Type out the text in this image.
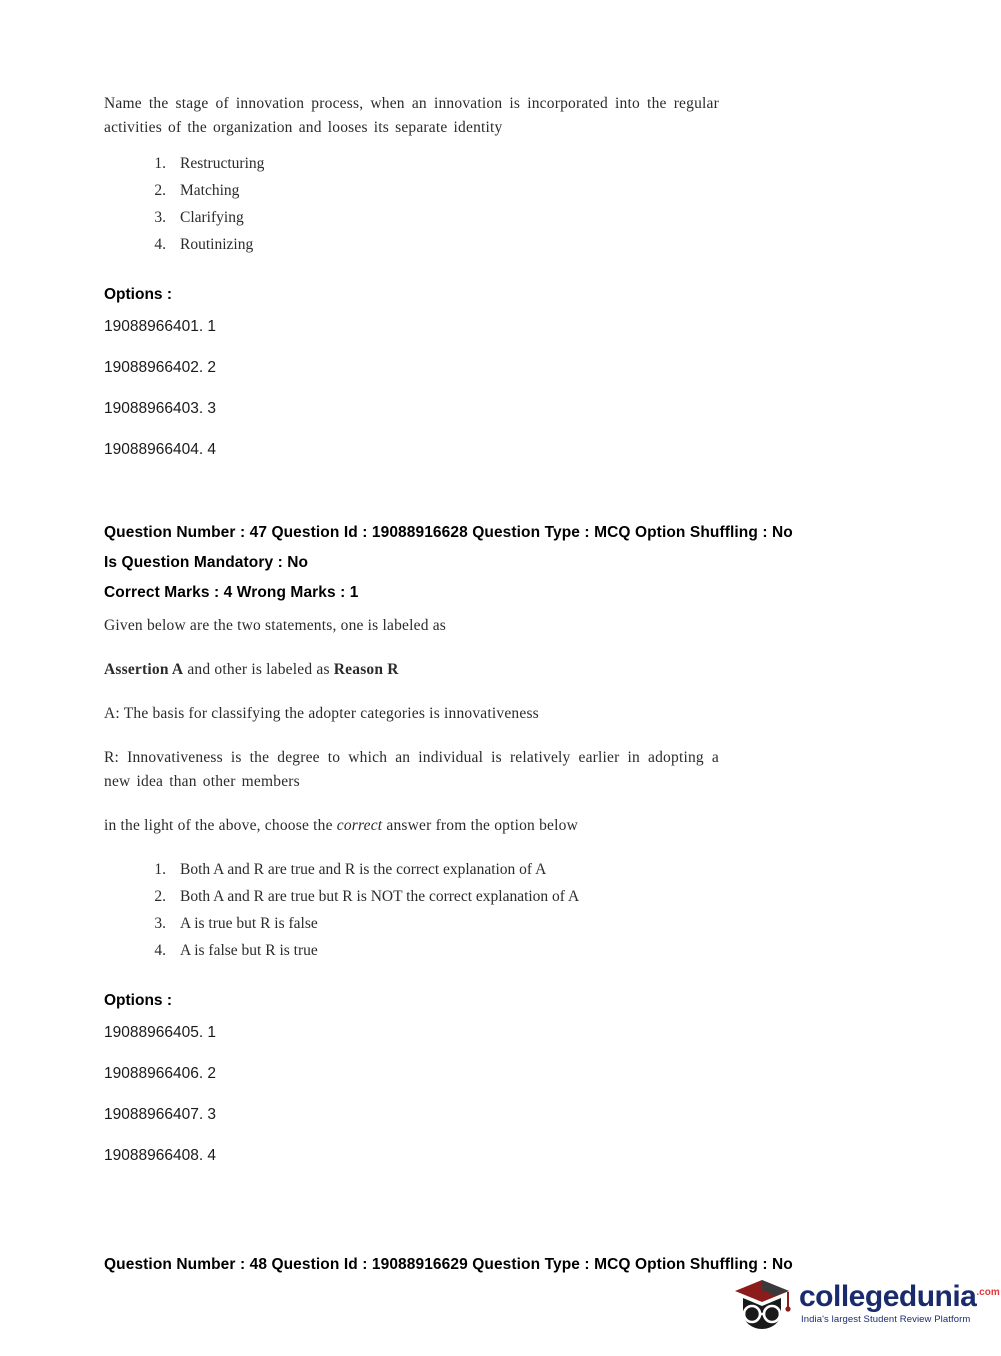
Name the stage of innovation process, when an innovation is incorporated into the regular activities of the organization and looses its separate identity
1. Restructuring
2. Matching
3. Clarifying
4. Routinizing
Options :
19088966401. 1
19088966402. 2
19088966403. 3
19088966404. 4
Question Number : 47 Question Id : 19088916628 Question Type : MCQ Option Shuffling : No
Is Question Mandatory : No
Correct Marks : 4 Wrong Marks : 1
Given below are the two statements, one is labeled as
Assertion A and other is labeled as Reason R
A: The basis for classifying the adopter categories is innovativeness
R: Innovativeness is the degree to which an individual is relatively earlier in adopting a new idea than other members
in the light of the above, choose the correct answer from the option below
1. Both A and R are true and R is the correct explanation of A
2. Both A and R are true but R is NOT the correct explanation of A
3. A is true but R is false
4. A is false but R is true
Options :
19088966405. 1
19088966406. 2
19088966407. 3
19088966408. 4
Question Number : 48 Question Id : 19088916629 Question Type : MCQ Option Shuffling : No
collegedunia$^{.com}$
India's largest Student Review Platform
